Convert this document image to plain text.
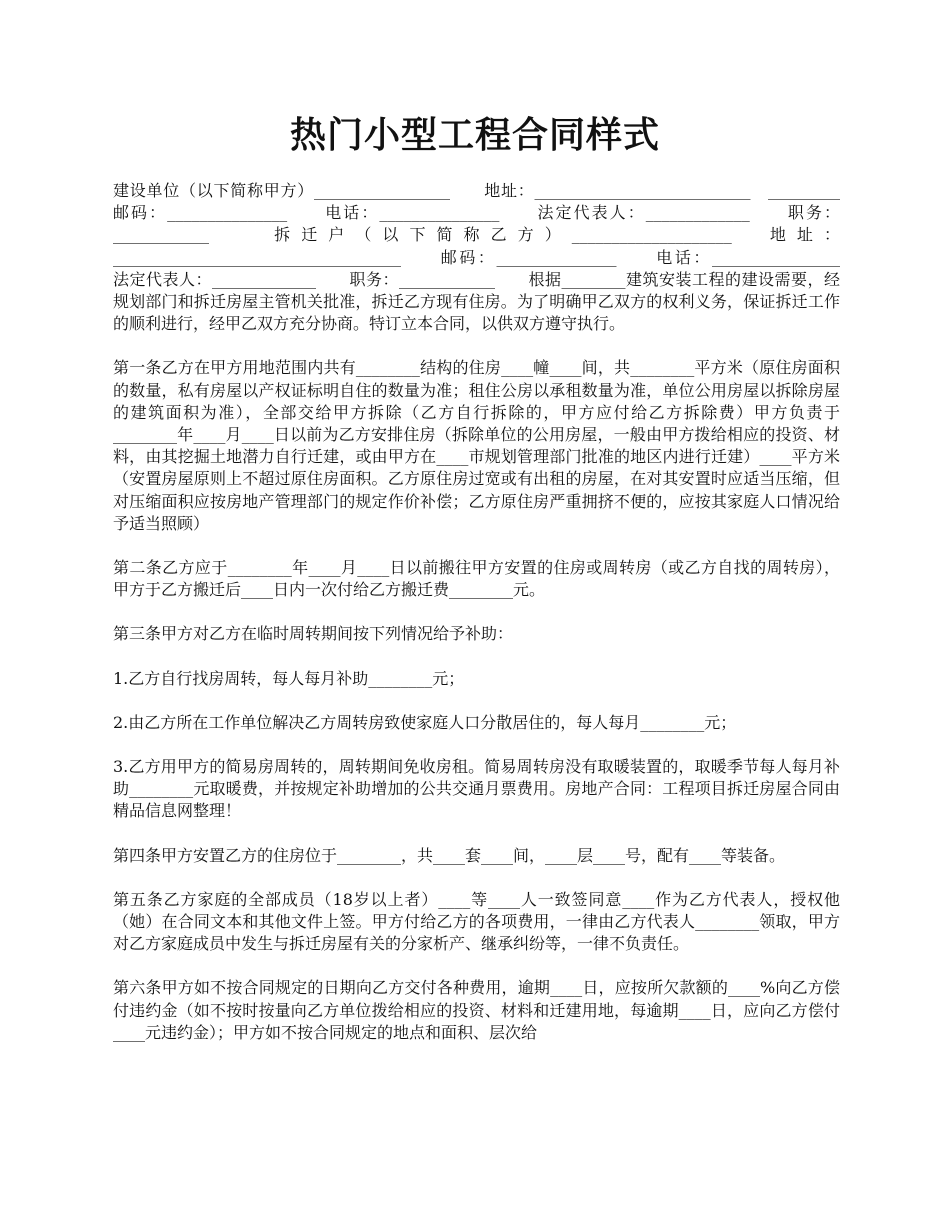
热门小型工程合同样式

建设单位（以下简称甲方）_________________　　地址：___________________________　_________　　邮码：_______________　　电话：_______________　　法定代表人：_____________　　职务：____________　　拆迁户（以下简称乙方）____________________　地址：____________________________________　　邮码：_______________　　电话：________________　　法定代表人：_____________　　职务：____________　　根据________建筑安装工程的建设需要，经规划部门和拆迁房屋主管机关批准，拆迁乙方现有住房。为了明确甲乙双方的权利义务，保证拆迁工作的顺利进行，经甲乙双方充分协商。特订立本合同，以供双方遵守执行。

第一条乙方在甲方用地范围内共有________结构的住房____幢____间，共________平方米（原住房面积的数量，私有房屋以产权证标明自住的数量为准；租住公房以承租数量为准，单位公用房屋以拆除房屋的建筑面积为准），全部交给甲方拆除（乙方自行拆除的，甲方应付给乙方拆除费）甲方负责于________年____月____日以前为乙方安排住房（拆除单位的公用房屋，一般由甲方拨给相应的投资、材料，由其挖掘土地潜力自行迁建，或由甲方在____市规划管理部门批准的地区内进行迁建）____平方米（安置房屋原则上不超过原住房面积。乙方原住房过宽或有出租的房屋，在对其安置时应适当压缩，但对压缩面积应按房地产管理部门的规定作价补偿；乙方原住房严重拥挤不便的，应按其家庭人口情况给予适当照顾）

第二条乙方应于________年____月____日以前搬往甲方安置的住房或周转房（或乙方自找的周转房），甲方于乙方搬迁后____日内一次付给乙方搬迁费________元。

第三条甲方对乙方在临时周转期间按下列情况给予补助：

1.乙方自行找房周转，每人每月补助________元；

2.由乙方所在工作单位解决乙方周转房致使家庭人口分散居住的，每人每月________元；

3.乙方用甲方的简易房周转的，周转期间免收房租。简易周转房没有取暖装置的，取暖季节每人每月补助________元取暖费，并按规定补助增加的公共交通月票费用。房地产合同：工程项目拆迁房屋合同由精品信息网整理！

第四条甲方安置乙方的住房位于________，共____套____间，____层____号，配有____等装备。

第五条乙方家庭的全部成员（18岁以上者）____等____人一致签同意____作为乙方代表人，授权他（她）在合同文本和其他文件上签。甲方付给乙方的各项费用，一律由乙方代表人________领取，甲方对乙方家庭成员中发生与拆迁房屋有关的分家析产、继承纠纷等，一律不负责任。

第六条甲方如不按合同规定的日期向乙方交付各种费用，逾期____日，应按所欠款额的____%向乙方偿付违约金（如不按时按量向乙方单位拨给相应的投资、材料和迁建用地，每逾期____日，应向乙方偿付____元违约金）；甲方如不按合同规定的地点和面积、层次给
